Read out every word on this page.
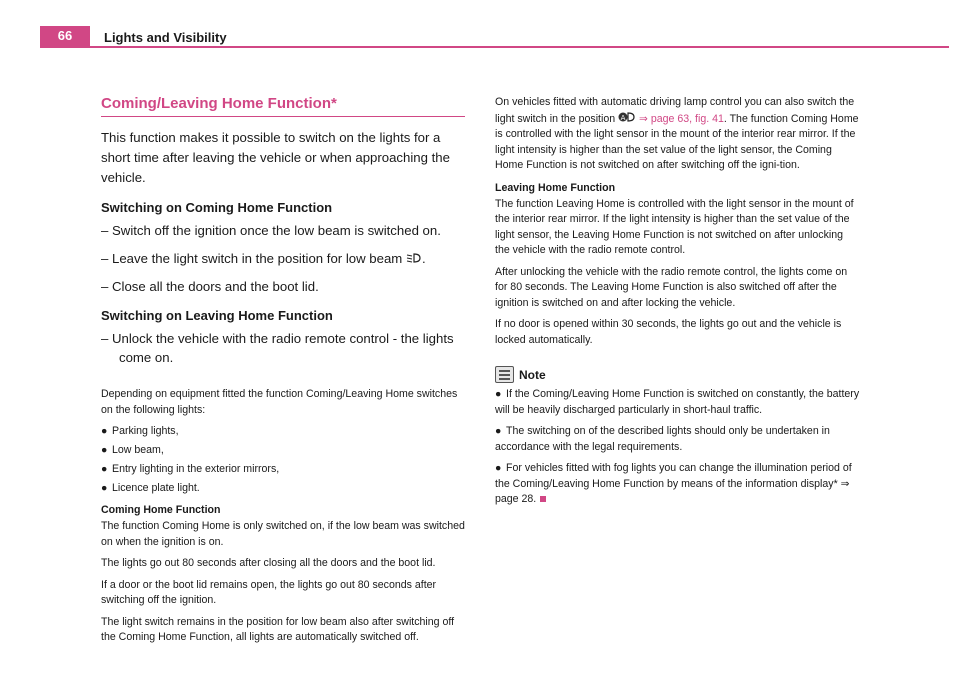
66	Lights and Visibility
Coming/Leaving Home Function*

This function makes it possible to switch on the lights for a short time after leaving the vehicle or when approaching the vehicle.

Switching on Coming Home Function

– Switch off the ignition once the low beam is switched on.

– Leave the light switch in the position for low beam .

– Close all the doors and the boot lid.

Switching on Leaving Home Function

– Unlock the vehicle with the radio remote control - the lights come on.

Depending on equipment fitted the function Coming/Leaving Home switches on the following lights:

● Parking lights,
● Low beam,
● Entry lighting in the exterior mirrors,
● Licence plate light.

Coming Home Function

The function Coming Home is only switched on, if the low beam was switched on when the ignition is on.

The lights go out 80 seconds after closing all the doors and the boot lid.

If a door or the boot lid remains open, the lights go out 80 seconds after switching off the ignition.

The light switch remains in the position for low beam also after switching off the Coming Home Function, all lights are automatically switched off.

On vehicles fitted with automatic driving lamp control you can also switch the light switch in the position A ⇒ page 63, fig. 41. The function Coming Home is controlled with the light sensor in the mount of the interior rear mirror. If the light intensity is higher than the set value of the light sensor, the Coming Home Function is not switched on after switching off the igni-tion.

Leaving Home Function

The function Leaving Home is controlled with the light sensor in the mount of the interior rear mirror. If the light intensity is higher than the set value of the light sensor, the Leaving Home Function is not switched on after unlocking the vehicle with the radio remote control.

After unlocking the vehicle with the radio remote control, the lights come on for 80 seconds. The Leaving Home Function is also switched off after the ignition is switched on and after locking the vehicle.

If no door is opened within 30 seconds, the lights go out and the vehicle is locked automatically.

Note

● If the Coming/Leaving Home Function is switched on constantly, the battery will be heavily discharged particularly in short-haul traffic.

● The switching on of the described lights should only be undertaken in accordance with the legal requirements.

● For vehicles fitted with fog lights you can change the illumination period of the Coming/Leaving Home Function by means of the information display* ⇒ page 28.
